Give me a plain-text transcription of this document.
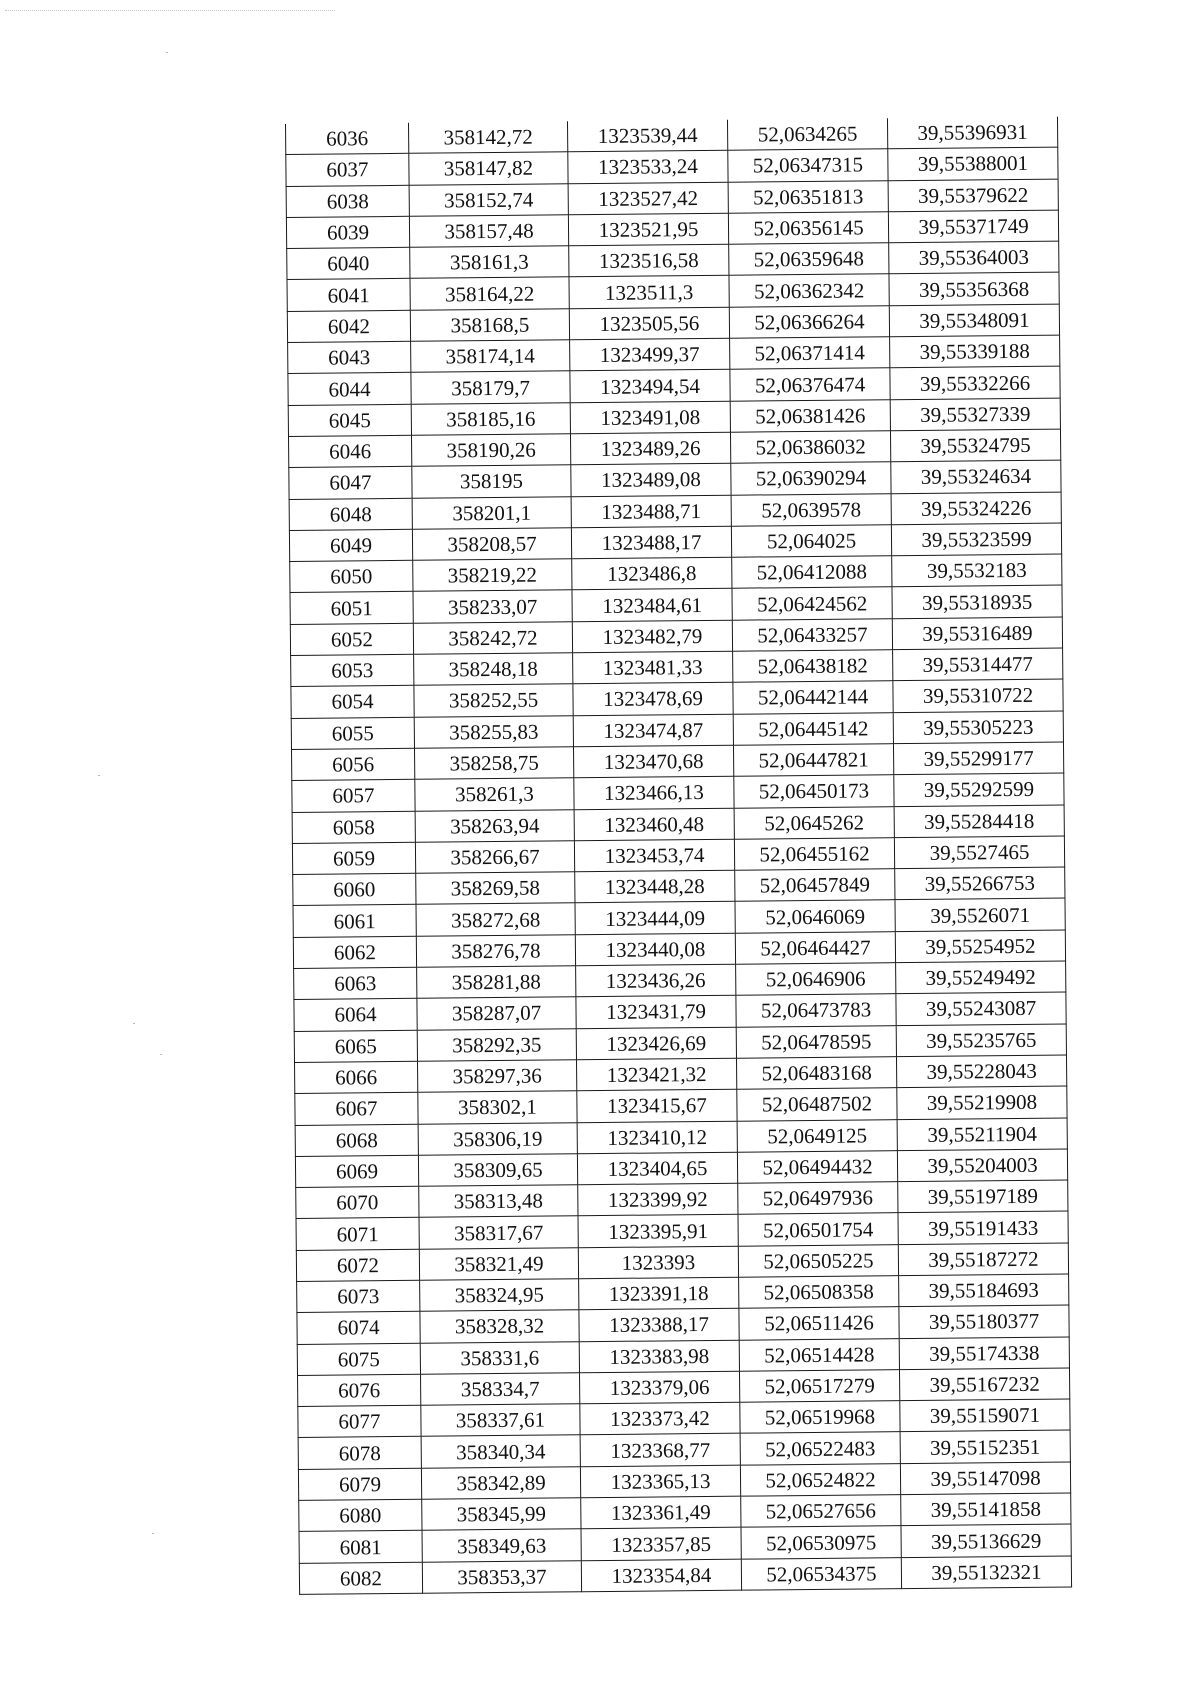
6036	358142,72	1323539,44	52,0634265	39,55396931
6037	358147,82	1323533,24	52,06347315	39,55388001
6038	358152,74	1323527,42	52,06351813	39,55379622
6039	358157,48	1323521,95	52,06356145	39,55371749
6040	358161,3	1323516,58	52,06359648	39,55364003
6041	358164,22	1323511,3	52,06362342	39,55356368
6042	358168,5	1323505,56	52,06366264	39,55348091
6043	358174,14	1323499,37	52,06371414	39,55339188
6044	358179,7	1323494,54	52,06376474	39,55332266
6045	358185,16	1323491,08	52,06381426	39,55327339
6046	358190,26	1323489,26	52,06386032	39,55324795
6047	358195	1323489,08	52,06390294	39,55324634
6048	358201,1	1323488,71	52,0639578	39,55324226
6049	358208,57	1323488,17	52,064025	39,55323599
6050	358219,22	1323486,8	52,06412088	39,5532183
6051	358233,07	1323484,61	52,06424562	39,55318935
6052	358242,72	1323482,79	52,06433257	39,55316489
6053	358248,18	1323481,33	52,06438182	39,55314477
6054	358252,55	1323478,69	52,06442144	39,55310722
6055	358255,83	1323474,87	52,06445142	39,55305223
6056	358258,75	1323470,68	52,06447821	39,55299177
6057	358261,3	1323466,13	52,06450173	39,55292599
6058	358263,94	1323460,48	52,0645262	39,55284418
6059	358266,67	1323453,74	52,06455162	39,5527465
6060	358269,58	1323448,28	52,06457849	39,55266753
6061	358272,68	1323444,09	52,0646069	39,5526071
6062	358276,78	1323440,08	52,06464427	39,55254952
6063	358281,88	1323436,26	52,0646906	39,55249492
6064	358287,07	1323431,79	52,06473783	39,55243087
6065	358292,35	1323426,69	52,06478595	39,55235765
6066	358297,36	1323421,32	52,06483168	39,55228043
6067	358302,1	1323415,67	52,06487502	39,55219908
6068	358306,19	1323410,12	52,0649125	39,55211904
6069	358309,65	1323404,65	52,06494432	39,55204003
6070	358313,48	1323399,92	52,06497936	39,55197189
6071	358317,67	1323395,91	52,06501754	39,55191433
6072	358321,49	1323393	52,06505225	39,55187272
6073	358324,95	1323391,18	52,06508358	39,55184693
6074	358328,32	1323388,17	52,06511426	39,55180377
6075	358331,6	1323383,98	52,06514428	39,55174338
6076	358334,7	1323379,06	52,06517279	39,55167232
6077	358337,61	1323373,42	52,06519968	39,55159071
6078	358340,34	1323368,77	52,06522483	39,55152351
6079	358342,89	1323365,13	52,06524822	39,55147098
6080	358345,99	1323361,49	52,06527656	39,55141858
6081	358349,63	1323357,85	52,06530975	39,55136629
6082	358353,37	1323354,84	52,06534375	39,55132321
